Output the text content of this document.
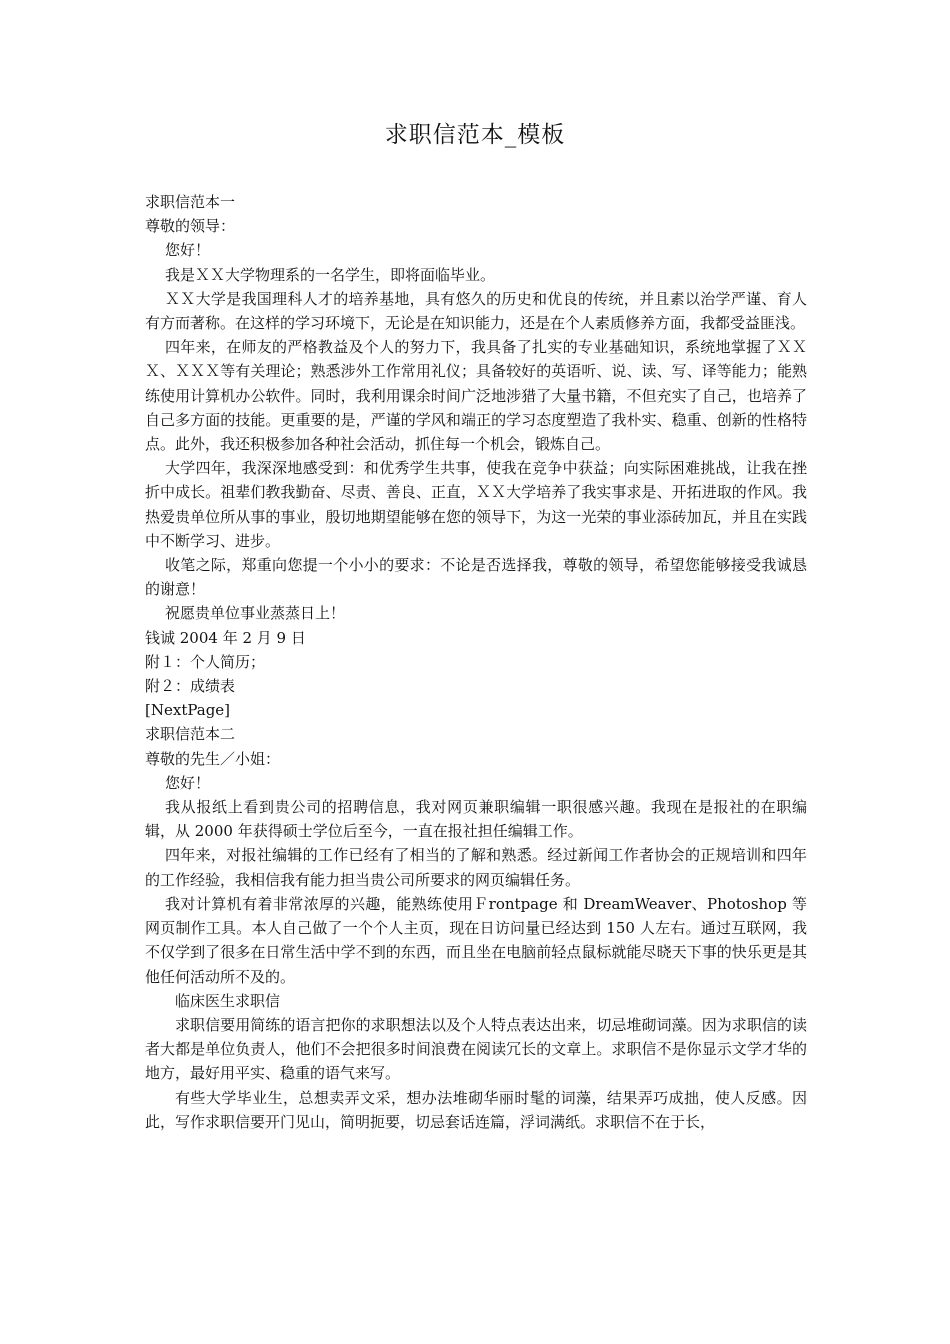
求职信范本_模板

求职信范本一

尊敬的领导：

您好！

我是ＸＸ大学物理系的一名学生，即将面临毕业。

ＸＸ大学是我国理科人才的培养基地，具有悠久的历史和优良的传统，并且素以治学严谨、育人有方而著称。在这样的学习环境下，无论是在知识能力，还是在个人素质修养方面，我都受益匪浅。

四年来，在师友的严格教益及个人的努力下，我具备了扎实的专业基础知识，系统地掌握了ＸＸＸ、ＸＸＸ等有关理论；熟悉涉外工作常用礼仪；具备较好的英语听、说、读、写、译等能力；能熟练使用计算机办公软件。同时，我利用课余时间广泛地涉猎了大量书籍，不但充实了自己，也培养了自己多方面的技能。更重要的是，严谨的学风和端正的学习态度塑造了我朴实、稳重、创新的性格特点。此外，我还积极参加各种社会活动，抓住每一个机会，锻炼自己。

大学四年，我深深地感受到：和优秀学生共事，使我在竞争中获益；向实际困难挑战，让我在挫折中成长。祖辈们教我勤奋、尽责、善良、正直，ＸＸ大学培养了我实事求是、开拓进取的作风。我热爱贵单位所从事的事业，殷切地期望能够在您的领导下，为这一光荣的事业添砖加瓦，并且在实践中不断学习、进步。

收笔之际，郑重向您提一个小小的要求：不论是否选择我，尊敬的领导，希望您能够接受我诚恳的谢意！

祝愿贵单位事业蒸蒸日上！

钱诚 2004 年 2 月 9 日

附１：个人简历；

附２：成绩表

[NextPage]

求职信范本二

尊敬的先生／小姐：

您好！

我从报纸上看到贵公司的招聘信息，我对网页兼职编辑一职很感兴趣。我现在是报社的在职编辑，从 2000 年获得硕士学位后至今，一直在报社担任编辑工作。

四年来，对报社编辑的工作已经有了相当的了解和熟悉。经过新闻工作者协会的正规培训和四年的工作经验，我相信我有能力担当贵公司所要求的网页编辑任务。

我对计算机有着非常浓厚的兴趣，能熟练使用Ｆrontpage 和 DreamWeaver、Photoshop 等网页制作工具。本人自己做了一个个人主页，现在日访问量已经达到 150 人左右。通过互联网，我不仅学到了很多在日常生活中学不到的东西，而且坐在电脑前轻点鼠标就能尽晓天下事的快乐更是其他任何活动所不及的。

临床医生求职信

求职信要用简练的语言把你的求职想法以及个人特点表达出来，切忌堆砌词藻。因为求职信的读者大都是单位负责人，他们不会把很多时间浪费在阅读冗长的文章上。求职信不是你显示文学才华的地方，最好用平实、稳重的语气来写。

有些大学毕业生，总想卖弄文采，想办法堆砌华丽时髦的词藻，结果弄巧成拙，使人反感。因此，写作求职信要开门见山，简明扼要，切忌套话连篇，浮词满纸。求职信不在于长，
